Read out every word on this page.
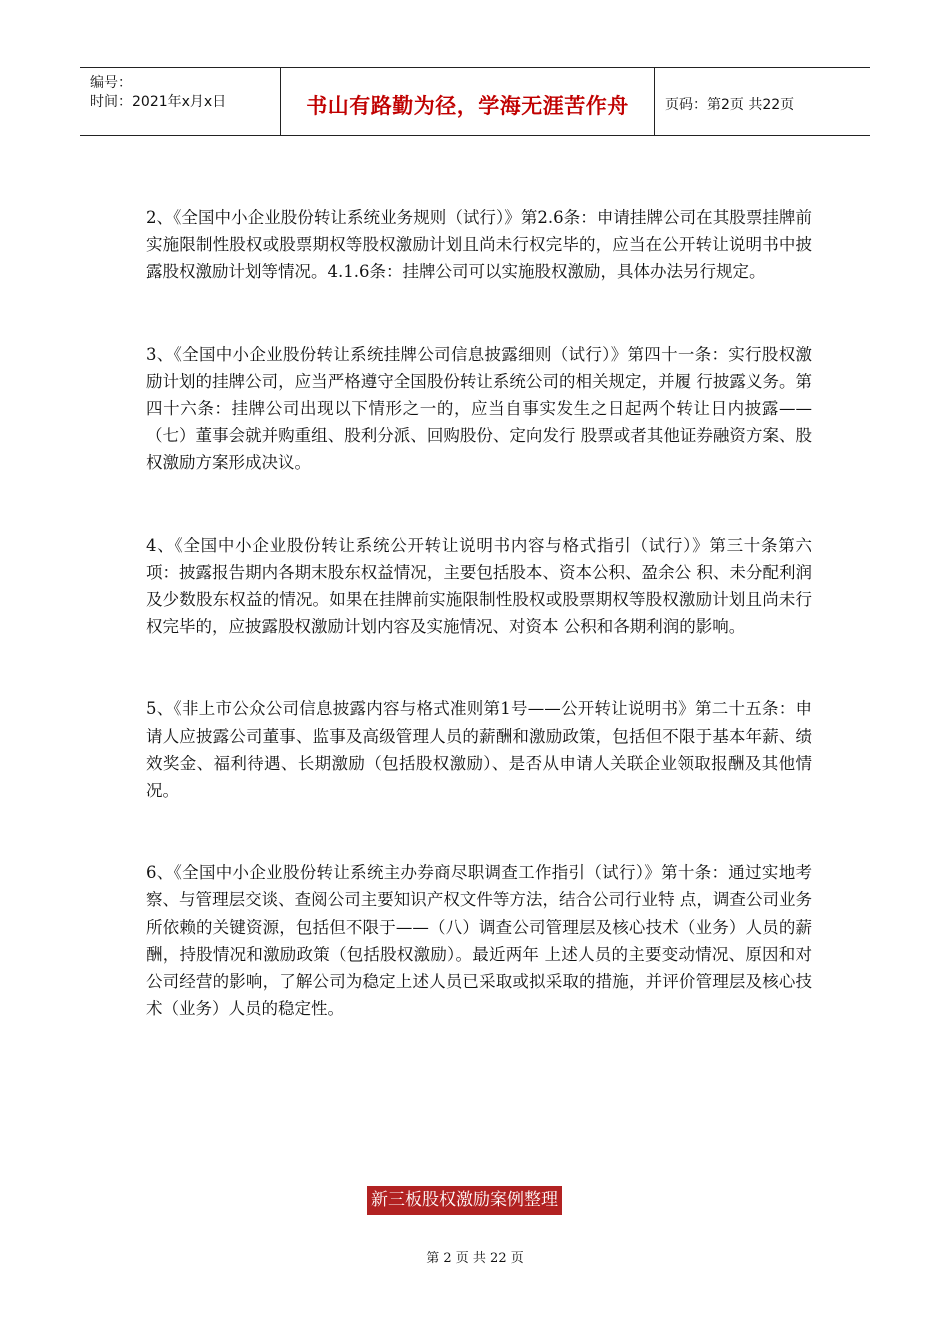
编号：
时间：2021年x月x日	书山有路勤为径，学海无涯苦作舟	页码：第2页 共22页

2、《全国中小企业股份转让系统业务规则（试行）》第2.6条：申请挂牌公司在其股票挂牌前实施限制性股权或股票期权等股权激励计划且尚未行权完毕的，应当在公开转让说明书中披露股权激励计划等情况。4.1.6条：挂牌公司可以实施股权激励，具体办法另行规定。

3、《全国中小企业股份转让系统挂牌公司信息披露细则（试行）》第四十一条：实行股权激励计划的挂牌公司，应当严格遵守全国股份转让系统公司的相关规定，并履 行披露义务。第四十六条：挂牌公司出现以下情形之一的，应当自事实发生之日起两个转让日内披露——（七）董事会就并购重组、股利分派、回购股份、定向发行 股票或者其他证券融资方案、股权激励方案形成决议。

4、《全国中小企业股份转让系统公开转让说明书内容与格式指引（试行）》第三十条第六项：披露报告期内各期末股东权益情况，主要包括股本、资本公积、盈余公 积、未分配利润及少数股东权益的情况。如果在挂牌前实施限制性股权或股票期权等股权激励计划且尚未行权完毕的，应披露股权激励计划内容及实施情况、对资本 公积和各期利润的影响。

5、《非上市公众公司信息披露内容与格式准则第1号——公开转让说明书》第二十五条：申请人应披露公司董事、监事及高级管理人员的薪酬和激励政策，包括但不限于基本年薪、绩效奖金、福利待遇、长期激励（包括股权激励）、是否从申请人关联企业领取报酬及其他情况。

6、《全国中小企业股份转让系统主办券商尽职调查工作指引（试行）》第十条：通过实地考察、与管理层交谈、查阅公司主要知识产权文件等方法，结合公司行业特 点，调查公司业务所依赖的关键资源，包括但不限于——（八）调查公司管理层及核心技术（业务）人员的薪酬，持股情况和激励政策（包括股权激励）。最近两年 上述人员的主要变动情况、原因和对公司经营的影响，了解公司为稳定上述人员已采取或拟采取的措施，并评价管理层及核心技术（业务）人员的稳定性。

新三板股权激励案例整理
第 2 页 共 22 页
